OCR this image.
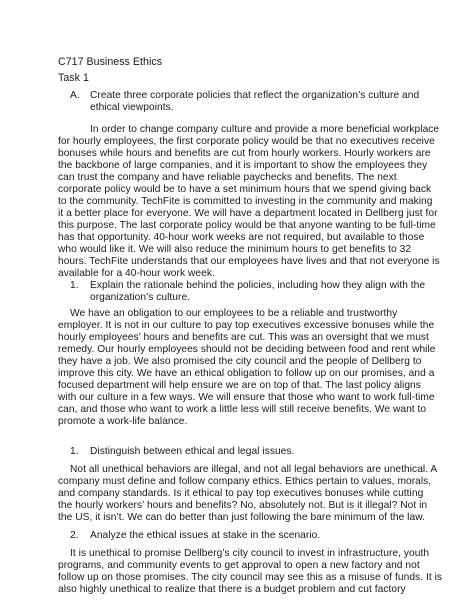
C717 Business Ethics
Task 1
A. Create three corporate policies that reflect the organization’s culture and
ethical viewpoints.
In order to change company culture and provide a more beneficial workplace
for hourly employees, the first corporate policy would be that no executives receive
bonuses while hours and benefits are cut from hourly workers. Hourly workers are
the backbone of large companies, and it is important to show the employees they
can trust the company and have reliable paychecks and benefits. The next
corporate policy would be to have a set minimum hours that we spend giving back
to the community. TechFite is committed to investing in the community and making
it a better place for everyone. We will have a department located in Dellberg just for
this purpose. The last corporate policy would be that anyone wanting to be full-time
has that opportunity. 40-hour work weeks are not required, but available to those
who would like it. We will also reduce the minimum hours to get benefits to 32
hours. TechFite understands that our employees have lives and that not everyone is
available for a 40-hour work week.
1. Explain the rationale behind the policies, including how they align with the
organization’s culture.
We have an obligation to our employees to be a reliable and trustworthy
employer. It is not in our culture to pay top executives excessive bonuses while the
hourly employees’ hours and benefits are cut. This was an oversight that we must
remedy. Our hourly employees should not be deciding between food and rent while
they have a job. We also promised the city council and the people of Dellberg to
improve this city. We have an ethical obligation to follow up on our promises, and a
focused department will help ensure we are on top of that. The last policy aligns
with our culture in a few ways. We will ensure that those who want to work full-time
can, and those who want to work a little less will still receive benefits. We want to
promote a work-life balance.
1. Distinguish between ethical and legal issues.
Not all unethical behaviors are illegal, and not all legal behaviors are unethical. A
company must define and follow company ethics. Ethics pertain to values, morals,
and company standards. Is it ethical to pay top executives bonuses while cutting
the hourly workers’ hours and benefits? No, absolutely not. But is it illegal? Not in
the US, it isn’t. We can do better than just following the bare minimum of the law.
2. Analyze the ethical issues at stake in the scenario.
It is unethical to promise Dellberg’s city council to invest in infrastructure, youth
programs, and community events to get approval to open a new factory and not
follow up on those promises. The city council may see this as a misuse of funds. It is
also highly unethical to realize that there is a budget problem and cut factory
